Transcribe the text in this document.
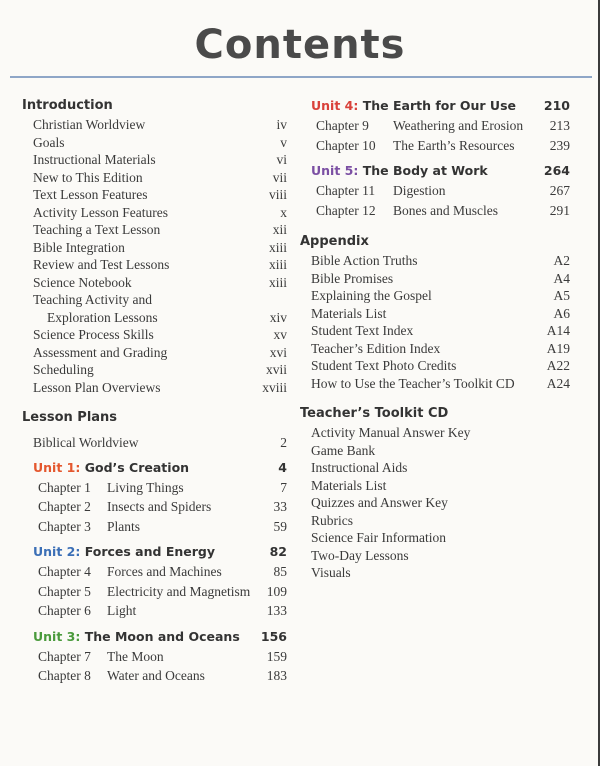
Contents
Introduction
Christian Worldview	iv
Goals	v
Instructional Materials	vi
New to This Edition	vii
Text Lesson Features	viii
Activity Lesson Features	x
Teaching a Text Lesson	xii
Bible Integration	xiii
Review and Test Lessons	xiii
Science Notebook	xiii
Teaching Activity and
Exploration Lessons	xiv
Science Process Skills	xv
Assessment and Grading	xvi
Scheduling	xvii
Lesson Plan Overviews	xviii
Lesson Plans
Biblical Worldview	2
Unit 1: God’s Creation	4
Chapter 1	Living Things	7
Chapter 2	Insects and Spiders	33
Chapter 3	Plants	59
Unit 2: Forces and Energy	82
Chapter 4	Forces and Machines	85
Chapter 5	Electricity and Magnetism	109
Chapter 6	Light	133
Unit 3: The Moon and Oceans 156
Chapter 7	The Moon	159
Chapter 8	Water and Oceans	183
Unit 4: The Earth for Our Use 210
Chapter 9	Weathering and Erosion	213
Chapter 10	The Earth’s Resources	239
Unit 5: The Body at Work	264
Chapter 11	Digestion	267
Chapter 12	Bones and Muscles	291
Appendix
Bible Action Truths	A2
Bible Promises	A4
Explaining the Gospel	A5
Materials List	A6
Student Text Index	A14
Teacher’s Edition Index	A19
Student Text Photo Credits	A22
How to Use the Teacher’s Toolkit CD	A24
Teacher’s Toolkit CD
Activity Manual Answer Key
Game Bank
Instructional Aids
Materials List
Quizzes and Answer Key
Rubrics
Science Fair Information
Two-Day Lessons
Visuals
